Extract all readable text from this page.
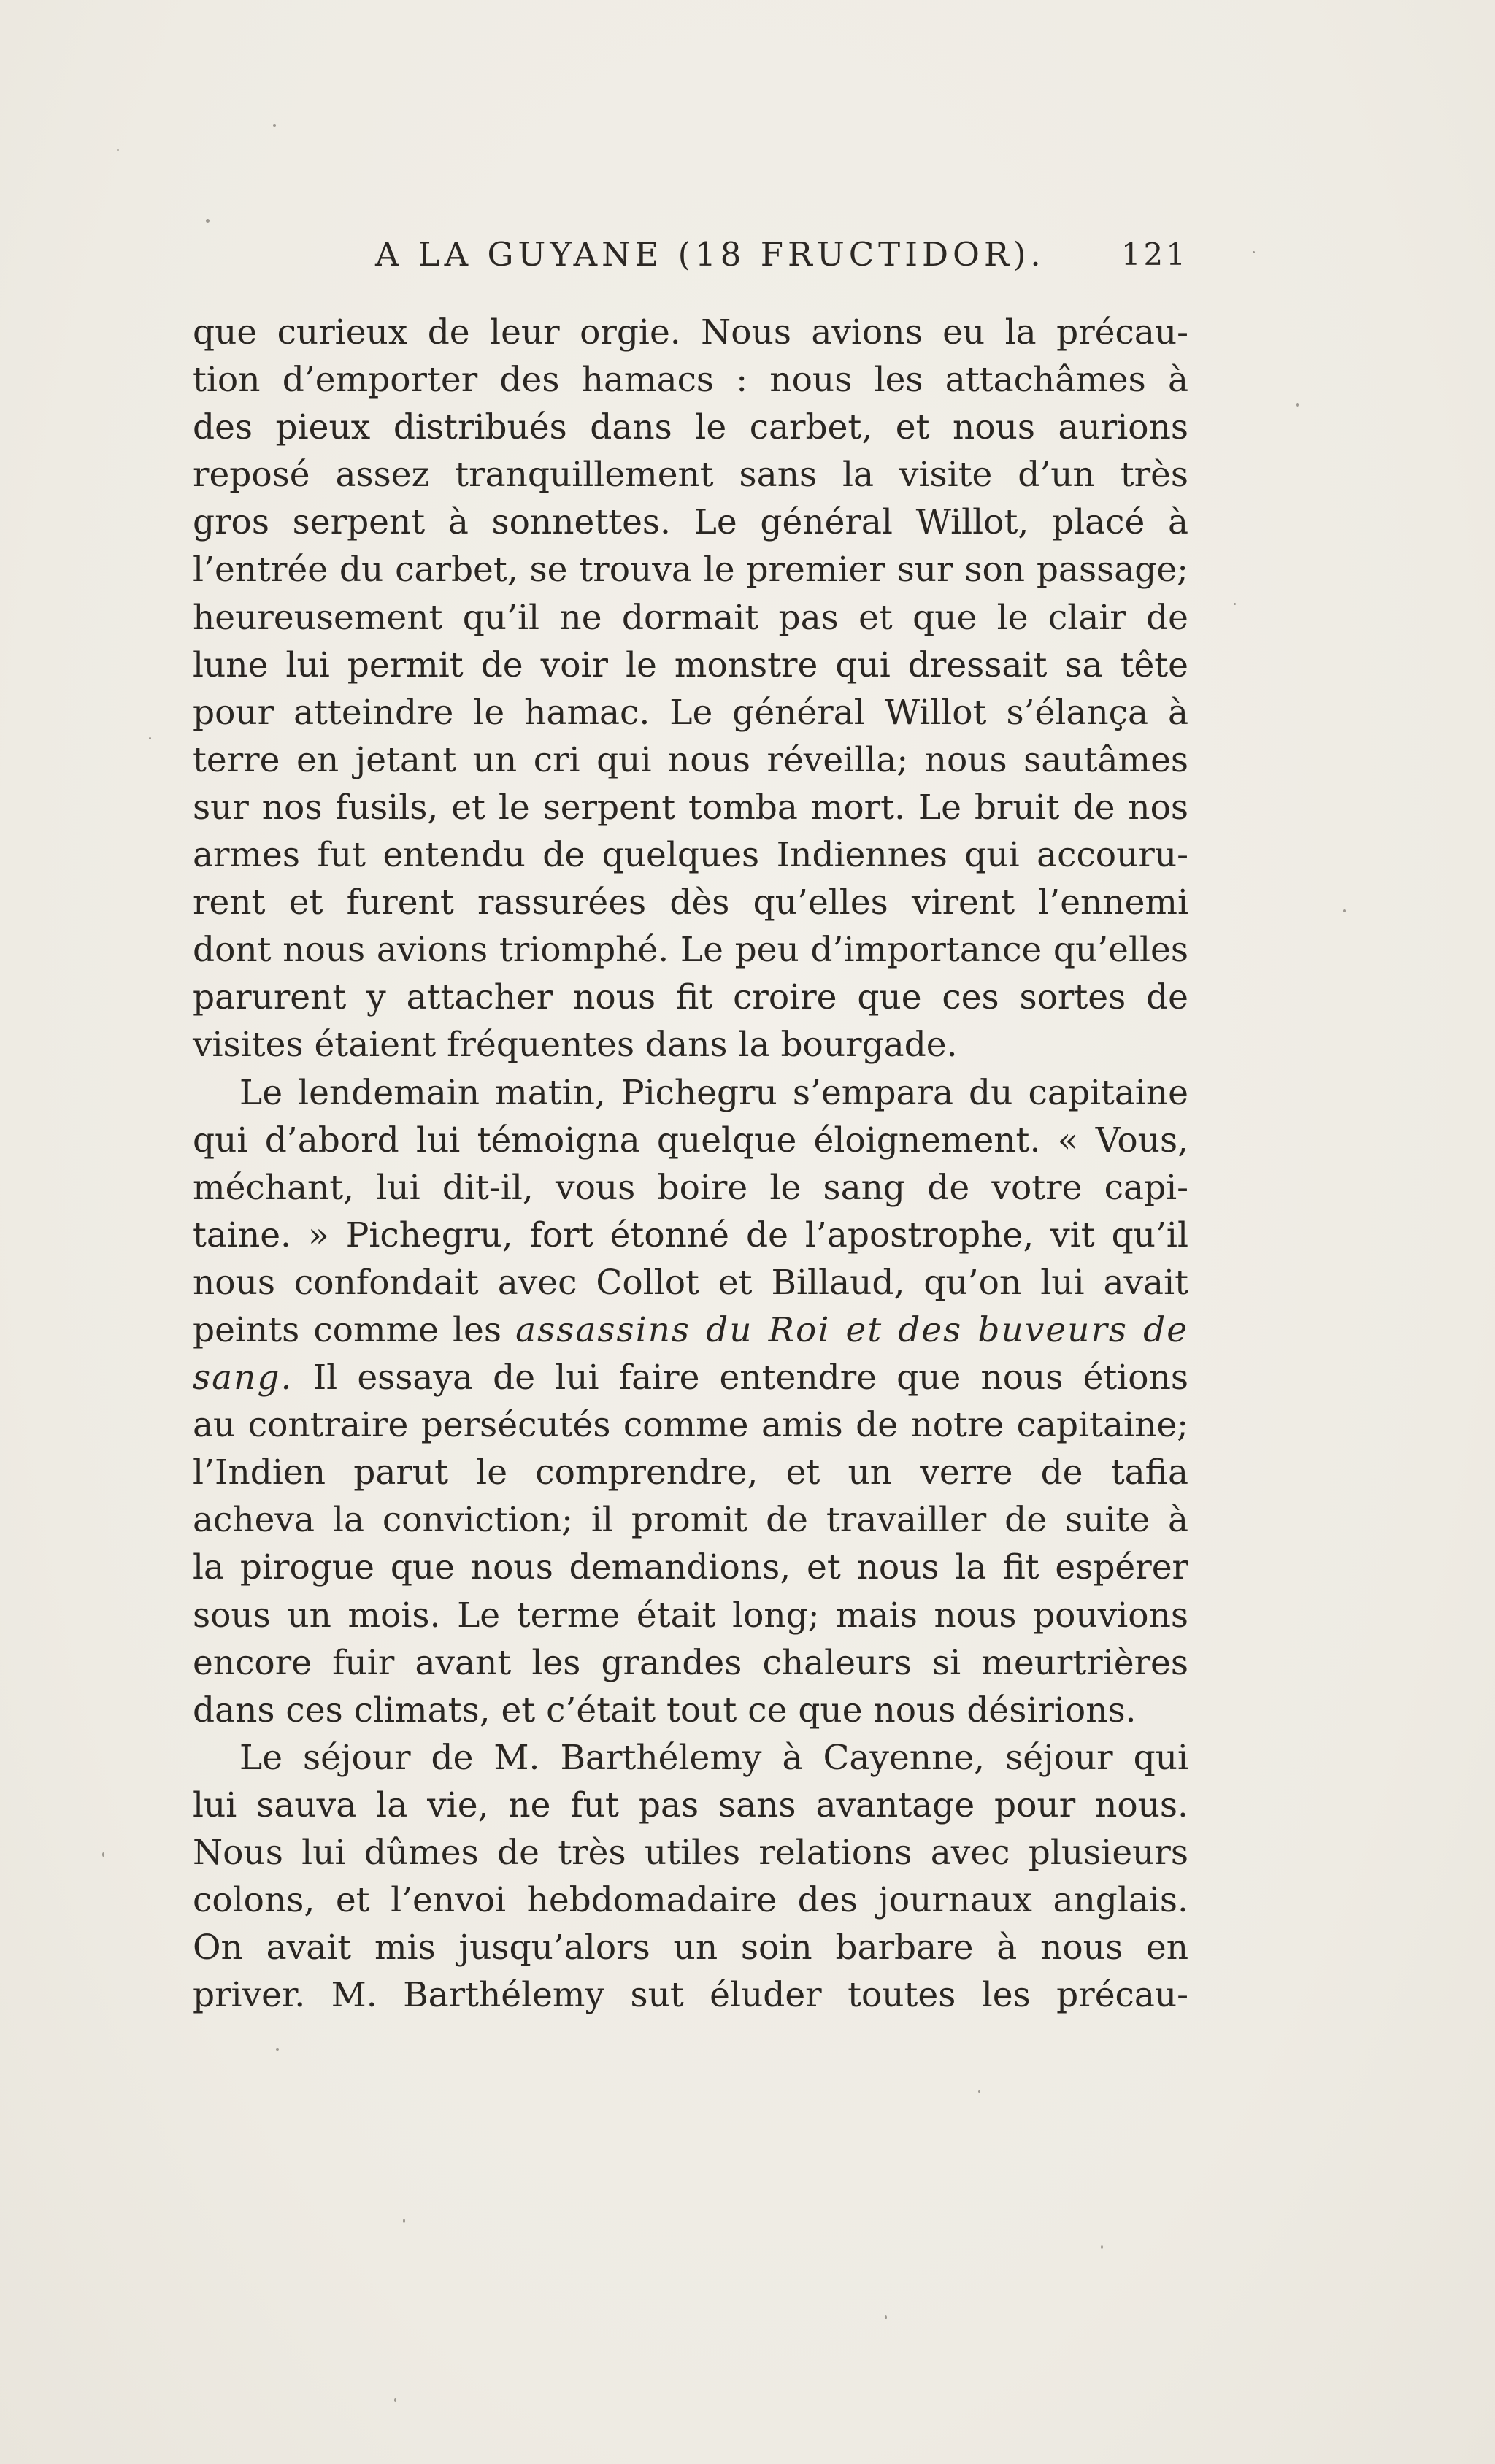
A LA GUYANE (18 FRUCTIDOR). 121
que curieux de leur orgie. Nous avions eu la précau-
tion d’emporter des hamacs : nous les attachâmes à
des pieux distribués dans le carbet, et nous aurions
reposé assez tranquillement sans la visite d’un très
gros serpent à sonnettes. Le général Willot, placé à
l’entrée du carbet, se trouva le premier sur son passage;
heureusement qu’il ne dormait pas et que le clair de
lune lui permit de voir le monstre qui dressait sa tête
pour atteindre le hamac. Le général Willot s’élança à
terre en jetant un cri qui nous réveilla; nous sautâmes
sur nos fusils, et le serpent tomba mort. Le bruit de nos
armes fut entendu de quelques Indiennes qui accouru-
rent et furent rassurées dès qu’elles virent l’ennemi
dont nous avions triomphé. Le peu d’importance qu’elles
parurent y attacher nous fit croire que ces sortes de
visites étaient fréquentes dans la bourgade.
Le lendemain matin, Pichegru s’empara du capitaine
qui d’abord lui témoigna quelque éloignement. « Vous,
méchant, lui dit-il, vous boire le sang de votre capi-
taine. » Pichegru, fort étonné de l’apostrophe, vit qu’il
nous confondait avec Collot et Billaud, qu’on lui avait
peints comme les assassins du Roi et des buveurs de
sang. Il essaya de lui faire entendre que nous étions
au contraire persécutés comme amis de notre capitaine;
l’Indien parut le comprendre, et un verre de tafia
acheva la conviction; il promit de travailler de suite à
la pirogue que nous demandions, et nous la fit espérer
sous un mois. Le terme était long; mais nous pouvions
encore fuir avant les grandes chaleurs si meurtrières
dans ces climats, et c’était tout ce que nous désirions.
Le séjour de M. Barthélemy à Cayenne, séjour qui
lui sauva la vie, ne fut pas sans avantage pour nous.
Nous lui dûmes de très utiles relations avec plusieurs
colons, et l’envoi hebdomadaire des journaux anglais.
On avait mis jusqu’alors un soin barbare à nous en
priver. M. Barthélemy sut éluder toutes les précau-
